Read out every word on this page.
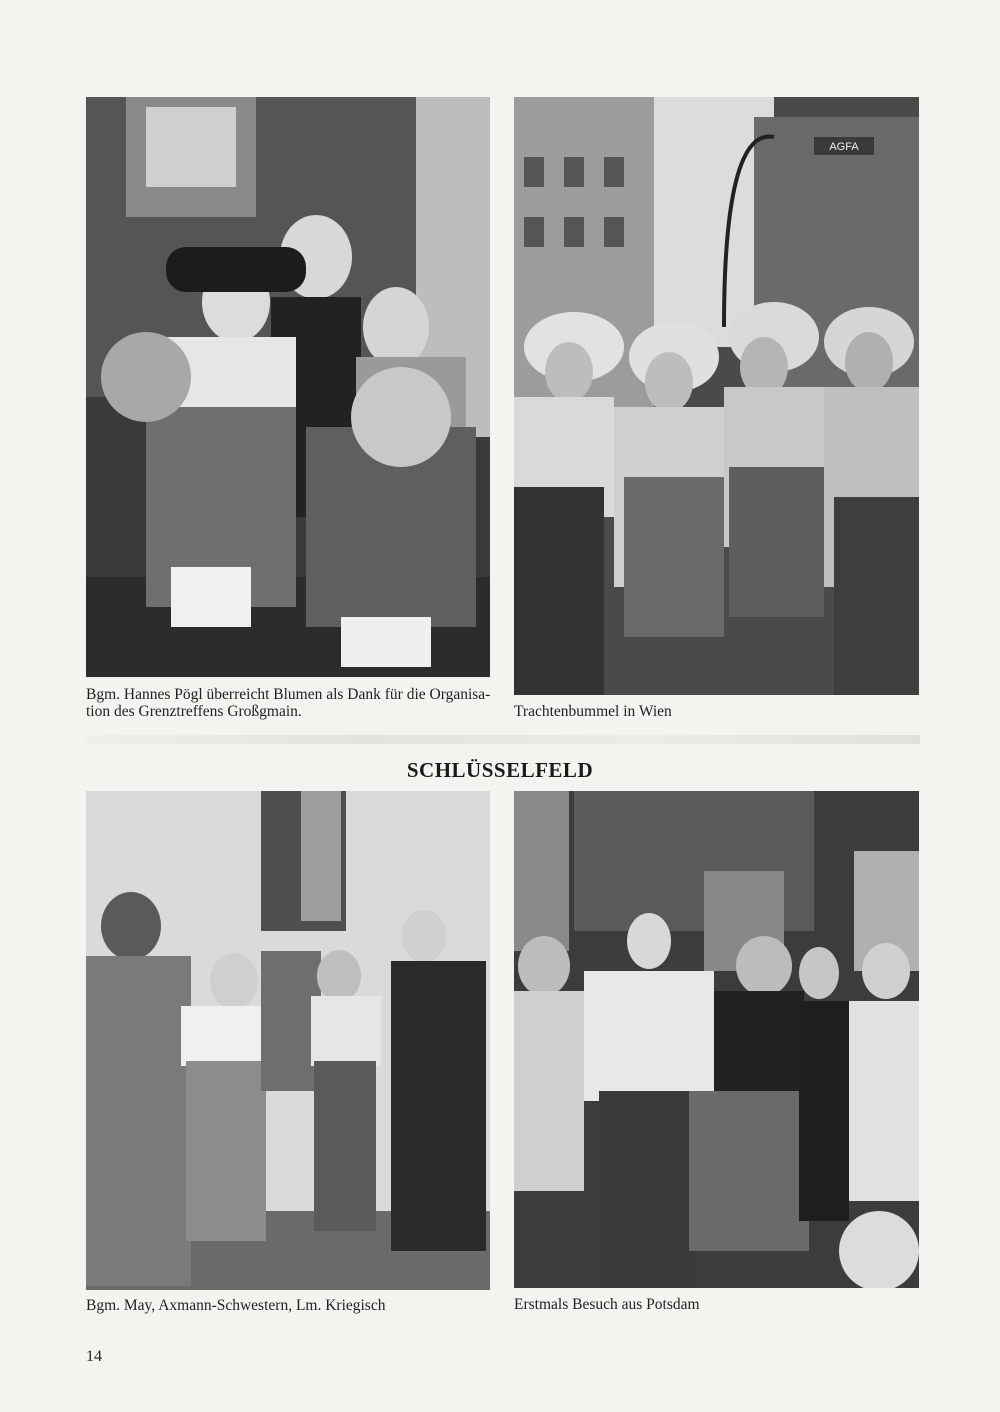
Bgm. Hannes Pögl überreicht Blumen als Dank für die Organisa-
tion des Grenztreffens Großgmain.
AGFA
Trachtenbummel in Wien
SCHLÜSSELFELD
Bgm. May, Axmann-Schwestern, Lm. Kriegisch	Erstmals Besuch aus Potsdam
14
